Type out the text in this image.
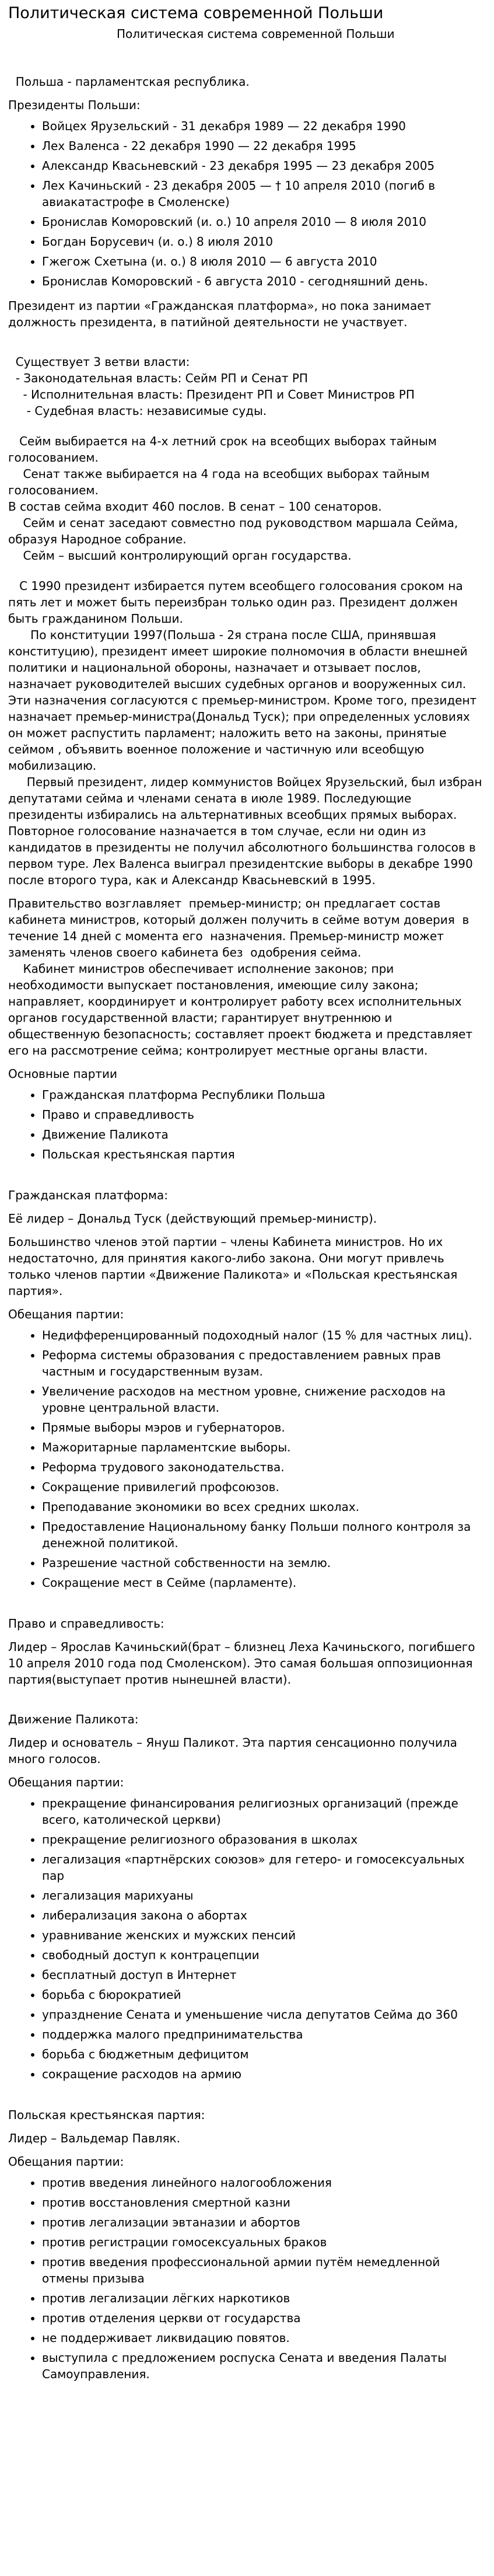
Политическая система современной Польши
Политическая система современной Польши

Польша - парламентская республика.

Президенты Польши:

• Войцех Ярузельский - 31 декабря 1989 — 22 декабря 1990
• Лех Валенса - 22 декабря 1990 — 22 декабря 1995
• Александр Квасьневский - 23 декабря 1995 — 23 декабря 2005
• Лех Качиньский - 23 декабря 2005 — † 10 апреля 2010 (погиб в авиакатастрофе в Смоленске)
• Бронислав Коморовский (и. о.) 10 апреля 2010 — 8 июля 2010
• Богдан Борусевич (и. о.) 8 июля 2010
• Гжегож Схетына (и. о.) 8 июля 2010 — 6 августа 2010
• Бронислав Коморовский - 6 августа 2010 - сегодняшний день.

Президент из партии «Гражданская платформа», но пока занимает должность президента, в патийной деятельности не участвует.

Существует 3 ветви власти:
- Законодательная власть: Сейм РП и Сенат РП
- Исполнительная власть: Президент РП и Совет Министров РП
- Судебная власть: независимые суды.

Сейм выбирается на 4-х летний срок на всеобщих выборах тайным голосованием.
Сенат также выбирается на 4 года на всеобщих выборах тайным голосованием.
В состав сейма входит 460 послов. В сенат – 100 сенаторов.
Сейм и сенат заседают совместно под руководством маршала Сейма, образуя Народное собрание.
Сейм – высший контролирующий орган государства.

С 1990 президент избирается путем всеобщего голосования сроком на пять лет и может быть переизбран только один раз. Президент должен быть гражданином Польши.
По конституции 1997(Польша - 2я страна после США, принявшая конституцию), президент имеет широкие полномочия в области внешней политики и национальной обороны, назначает и отзывает послов, назначает руководителей высших судебных органов и вооруженных сил. Эти назначения согласуются с премьер-министром. Кроме того, президент назначает премьер-министра(Дональд Туск); при определенных условиях он может распустить парламент; наложить вето на законы, принятые сеймом , объявить военное положение и частичную или всеобщую мобилизацию.
Первый президент, лидер коммунистов Войцех Ярузельский, был избран депутатами сейма и членами сената в июле 1989. Последующие президенты избирались на альтернативных всеобщих прямых выборах. Повторное голосование назначается в том случае, если ни один из кандидатов в президенты не получил абсолютного большинства голосов в первом туре. Лех Валенса выиграл президентские выборы в декабре 1990 после второго тура, как и Александр Квасьневский в 1995.

Правительство возглавляет  премьер-министр; он предлагает состав кабинета министров, который должен получить в сейме вотум доверия  в течение 14 дней с момента его  назначения. Премьер-министр может  заменять членов своего кабинета без  одобрения сейма.
Кабинет министров обеспечивает исполнение законов; при необходимости выпускает постановления, имеющие силу закона; направляет, координирует и контролирует работу всех исполнительных органов государственной власти; гарантирует внутреннюю и общественную безопасность; составляет проект бюджета и представляет его на рассмотрение сейма; контролирует местные органы власти.

Основные партии

• Гражданская платформа Республики Польша
• Право и справедливость
• Движение Паликота
• Польская крестьянская партия

Гражданская платформа:

Её лидер – Дональд Туск (действующий премьер-министр).

Большинство членов этой партии – члены Кабинета министров. Но их недостаточно, для принятия какого-либо закона. Они могут привлечь только членов партии «Движение Паликота» и «Польская крестьянская партия».

Обещания партии:

• Недифференцированный подоходный налог (15 % для частных лиц).
• Реформа системы образования с предоставлением равных прав частным и государственным вузам.
• Увеличение расходов на местном уровне, снижение расходов на уровне центральной власти.
• Прямые выборы мэров и губернаторов.
• Мажоритарные парламентские выборы.
• Реформа трудового законодательства.
• Сокращение привилегий профсоюзов.
• Преподавание экономики во всех средних школах.
• Предоставление Национальному банку Польши полного контроля за денежной политикой.
• Разрешение частной собственности на землю.
• Сокращение мест в Сейме (парламенте).

Право и справедливость:

Лидер – Ярослав Качиньский(брат – близнец Леха Качиньского, погибшего 10 апреля 2010 года под Смоленском). Это самая большая оппозиционная партия(выступает против нынешней власти).

Движение Паликота:

Лидер и основатель – Януш Паликот. Эта партия сенсационно получила много голосов.

Обещания партии:

• прекращение финансирования религиозных организаций (прежде всего, католической церкви)
• прекращение религиозного образования в школах
• легализация «партнёрских союзов» для гетеро- и гомосексуальных пар
• легализация марихуаны
• либерализация закона о абортах
• уравнивание женских и мужских пенсий
• свободный доступ к контрацепции
• бесплатный доступ в Интернет
• борьба с бюрократией
• упразднение Сената и уменьшение числа депутатов Сейма до 360
• поддержка малого предпринимательства
• борьба с бюджетным дефицитом
• сокращение расходов на армию

Польская крестьянская партия:

Лидер – Вальдемар Павляк.

Обещания партии:

• против введения линейного налогообложения
• против восстановления смертной казни
• против легализации эвтаназии и абортов
• против регистрации гомосексуальных браков
• против введения профессиональной армии путём немедленной отмены призыва
• против легализации лёгких наркотиков
• против отделения церкви от государства
• не поддерживает ликвидацию повятов.
• выступила с предложением роспуска Сената и введения Палаты Самоуправления.
